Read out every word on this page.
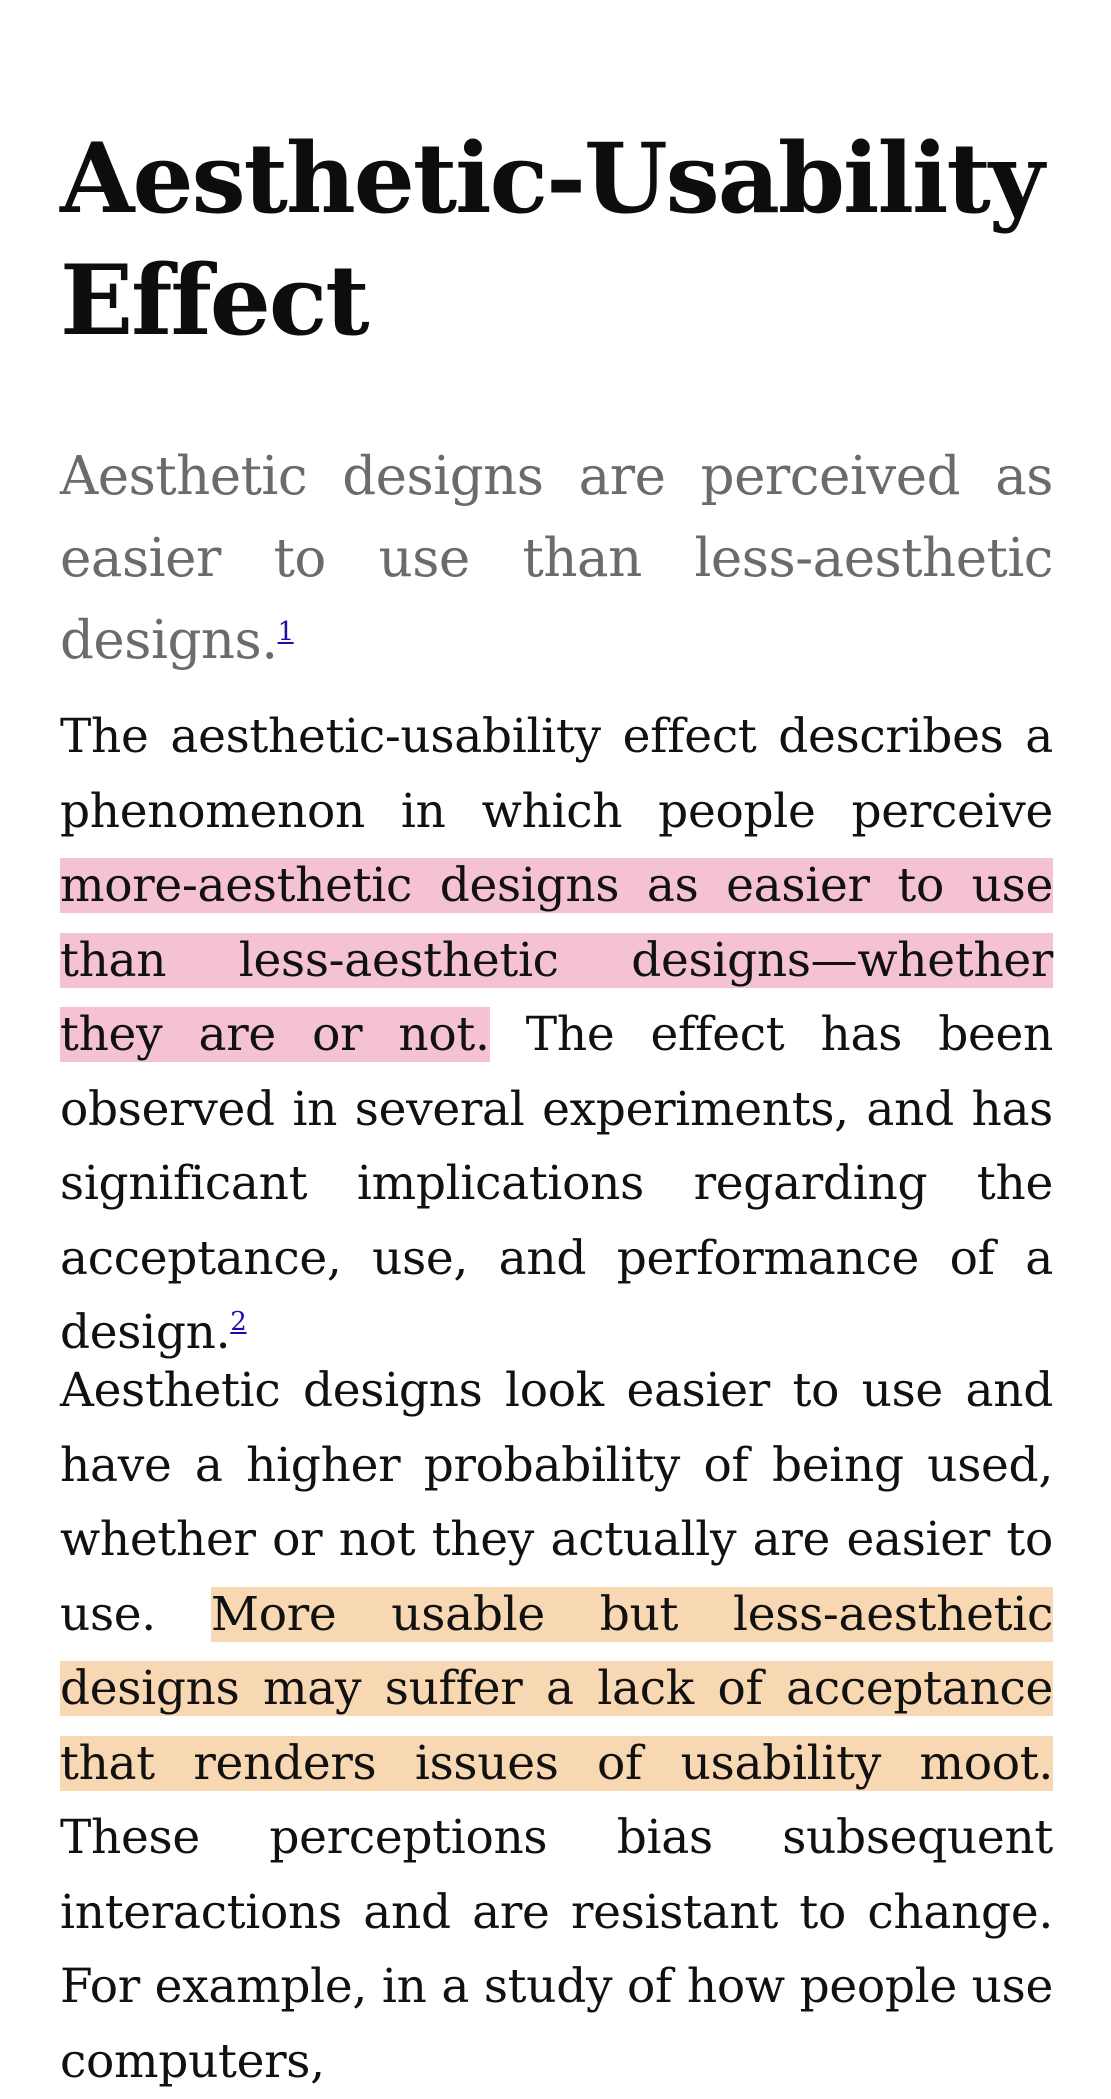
Aesthetic-Usability Effect
Aesthetic designs are perceived as easier to use than less-aesthetic designs.$^1$
The aesthetic-usability effect describes a phenomenon in which people perceive more-aesthetic designs as easier to use than less-aesthetic designs—whether they are or not. The effect has been observed in several experiments, and has significant implications regarding the acceptance, use, and performance of a design.$^2$
Aesthetic designs look easier to use and have a higher probability of being used, whether or not they actually are easier to use. More usable but less-aesthetic designs may suffer a lack of acceptance that renders issues of usability moot. These perceptions bias subsequent interactions and are resistant to change. For example, in a study of how people use computers,
